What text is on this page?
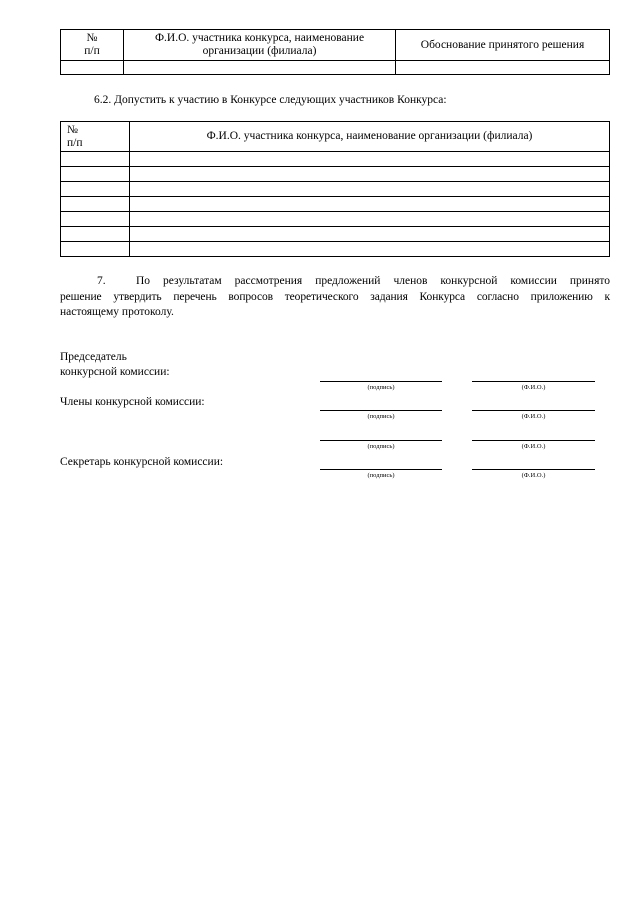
№
п/п	Ф.И.О. участника конкурса, наименование организации (филиала)	Обоснование принятого решения

6.2. Допустить к участию в Конкурсе следующих участников Конкурса:
№
п/п	Ф.И.О. участника конкурса, наименование организации (филиала)

7.	По результатам рассмотрения предложений членов конкурсной комиссии принято
решение утвердить перечень вопросов теоретического задания Конкурса согласно приложению к
настоящему протоколу.
Председатель
конкурсной комиссии:
(подпись)	(Ф.И.О.)
Члены конкурсной комиссии:
(подпись)	(Ф.И.О.)
(подпись)	(Ф.И.О.)
Секретарь конкурсной комиссии:
(подпись)	(Ф.И.О.)
